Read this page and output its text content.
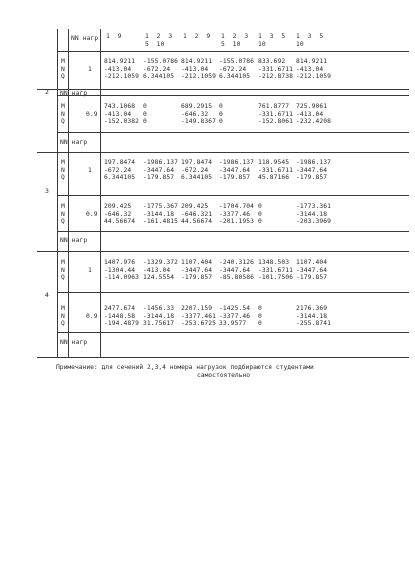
NN нагр 1  9	1  2  3
5  10
1  2  9 1  2  3
5  10
1  3  5
10
1  3  5
10
M
N
Q
1
814.9211
-413.04
-212.1059
-155.0786
-672.24
6.344105
814.9211
-413.04
-212.1059
-155.0786
-672.24
6.344105
833.692
-331.6711
-212.8738
814.9211
-413.04
-212.1059
2 NN нагр
M
N
Q
0.9
743.1068
-413.04
-152.0382
0
0
0
689.2915
-646.32
-149.8367
0
0
0
761.8777
-331.6711
-152.8061
725.9061
-413.04
-232.4208
NN нагр
M
N
Q
1
197.8474
-672.24
6.344105
-1986.137
-3447.64
-179.857
197.8474
-672.24
6.344105
-1986.137
-3447.64
-179.857
118.9545
-331.6711
45.87166
-1986.137
-3447.64
-179.857
3
M
N
Q
0.9
209.425
-646.32
44.56674
-1775.367
-3144.18
-161.4815
209.425
-646.321
44.56674
-1704.704
-3377.46
-201.1953
0
0
0
-1773.361
-3144.18
-203.3969
NN нагр
M
N
Q
1
1407.976
-1304.44
-114.0963
-1329.372
-413.04
124.5554
1107.404
-3447.64
-179.857
-240.3126
-3447.64
-85.80586
1348.503
-331.6711
-101.7506
1107.404
-3447.64
-179.857
4
M
N
Q
0.9
2477.674
-1448.58
-194.4879
-1456.33
-3144.18
31.75617
2207.159
-3377.461
-253.6725
-1425.54
-3377.46
33.9577
0
0
0
2176.369
-3144.18
-255.8741
NN нагр
Примечание: для сечений 2,3,4 номера нагрузок подбираются студентами
самостоятельно
